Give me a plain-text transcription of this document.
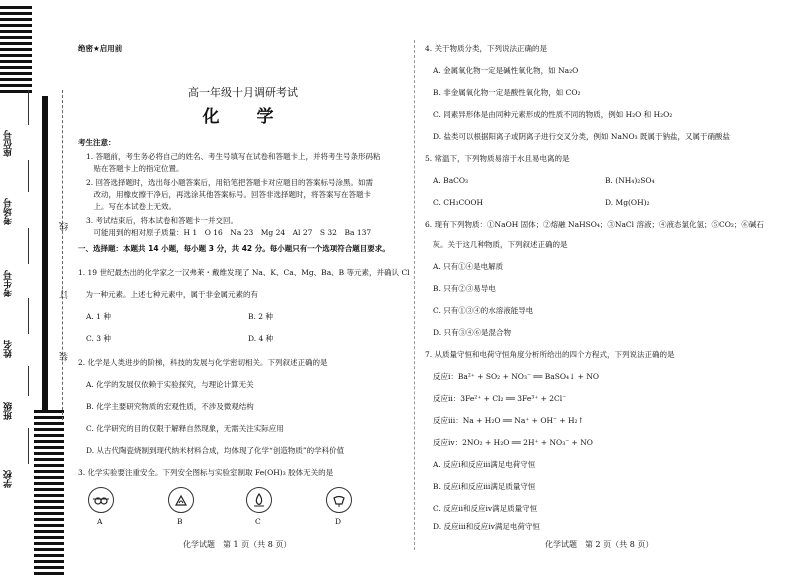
座位号
考场号
考生号
姓名
班级
学校
线
订
装
绝密★启用前
高一年级十月调研考试
化　学
考生注意：
1. 答题前，考生务必将自己的姓名、考生号填写在试卷和答题卡上，并将考生号条形码粘
　贴在答题卡上的指定位置。
2. 回答选择题时，选出每小题答案后，用铅笔把答题卡对应题目的答案标号涂黑。如需
　改动，用橡皮擦干净后，再选涂其他答案标号。回答非选择题时，将答案写在答题卡
　上。写在本试卷上无效。
3. 考试结束后，将本试卷和答题卡一并交回。
　可能用到的相对原子质量：H 1　O 16　Na 23　Mg 24　Al 27　S 32　Ba 137
一、选择题：本题共 14 小题，每小题 3 分，共 42 分。每小题只有一个选项符合题目要求。
1. 19 世纪最杰出的化学家之一汉弗莱・戴维发现了 Na、K、Ca、Mg、Ba、B 等元素，并确认 Cl
　为一种元素。上述七种元素中，属于非金属元素的有
A. 1 种	B. 2 种
C. 3 种	D. 4 种
2. 化学是人类进步的阶梯，科技的发展与化学密切相关。下列叙述正确的是
A. 化学的发展仅依赖于实验探究，与理论计算无关
B. 化学主要研究物质的宏观性质，不涉及微观结构
C. 化学研究的目的仅限于解释自然现象，无需关注实际应用
D. 从古代陶瓷烧制到现代纳米材料合成，均体现了化学“创造物质”的学科价值
3. 化学实验要注重安全。下列安全图标与实验室制取 Fe(OH)₃ 胶体无关的是
A	B	C	D
化学试题　第 1 页（共 8 页）
4. 关于物质分类，下列说法正确的是
A. 金属氧化物一定是碱性氧化物，如 Na₂O
B. 非金属氧化物一定是酸性氧化物，如 CO₂
C. 同素异形体是由同种元素形成的性质不同的物质，例如 H₂O 和 H₂O₂
D. 盐类可以根据阳离子或阴离子进行交叉分类，例如 NaNO₃ 既属于钠盐，又属于硝酸盐
5. 常温下，下列物质易溶于水且易电离的是
A. BaCO₃	B. (NH₄)₂SO₄
C. CH₃COOH	D. Mg(OH)₂
6. 现有下列物质：①NaOH 固体；②熔融 NaHSO₄；③NaCl 溶液；④液态氯化氢；⑤CO₂；⑥碱石
　灰。关于这几种物质，下列叙述正确的是
A. 只有①④是电解质
B. 只有②③易导电
C. 只有①③④的水溶液能导电
D. 只有③④⑥是混合物
7. 从质量守恒和电荷守恒角度分析所给出的四个方程式，下列说法正确的是
反应ⅰ：Ba²⁺ + SO₂ + NO₃⁻ ══ BaSO₄↓ + NO
反应ⅱ：3Fe²⁺ + Cl₂ ══ 3Fe³⁺ + 2Cl⁻
反应ⅲ：Na + H₂O ══ Na⁺ + OH⁻ + H₂↑
反应ⅳ：2NO₂ + H₂O ══ 2H⁺ + NO₃⁻ + NO
A. 反应ⅰ和反应ⅲ满足电荷守恒
B. 反应ⅰ和反应ⅲ满足质量守恒
C. 反应ⅱ和反应ⅳ满足质量守恒
D. 反应ⅲ和反应ⅳ满足电荷守恒
化学试题　第 2 页（共 8 页）
